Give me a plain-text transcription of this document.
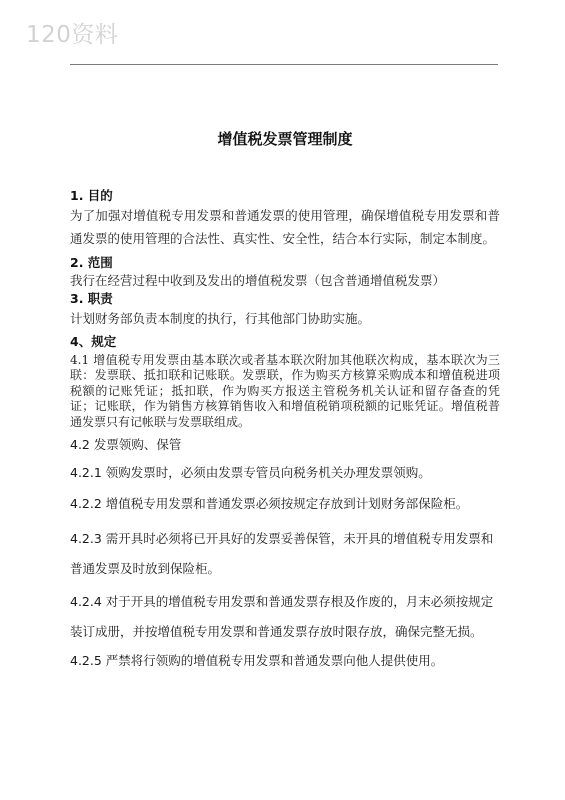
120资料
增值税发票管理制度
1. 目的

为了加强对增值税专用发票和普通发票的使用管理，确保增值税专用发票和普通发票的使用管理的合法性、真实性、安全性，结合本行实际，制定本制度。

2. 范围

我行在经营过程中收到及发出的增值税发票（包含普通增值税发票）

3. 职责

计划财务部负责本制度的执行，行其他部门协助实施。

4、规定

4.1 增值税专用发票由基本联次或者基本联次附加其他联次构成，基本联次为三联：发票联、抵扣联和记账联。发票联，作为购买方核算采购成本和增值税进项税额的记账凭证；抵扣联，作为购买方报送主管税务机关认证和留存备查的凭证；记账联，作为销售方核算销售收入和增值税销项税额的记账凭证。增值税普通发票只有记帐联与发票联组成。

4.2 发票领购、保管

4.2.1 领购发票时，必须由发票专管员向税务机关办理发票领购。

4.2.2 增值税专用发票和普通发票必须按规定存放到计划财务部保险柜。

4.2.3 需开具时必须将已开具好的发票妥善保管，未开具的增值税专用发票和普通发票及时放到保险柜。

4.2.4 对于开具的增值税专用发票和普通发票存根及作废的，月末必须按规定装订成册，并按增值税专用发票和普通发票存放时限存放，确保完整无损。

4.2.5 严禁将行领购的增值税专用发票和普通发票向他人提供使用。
